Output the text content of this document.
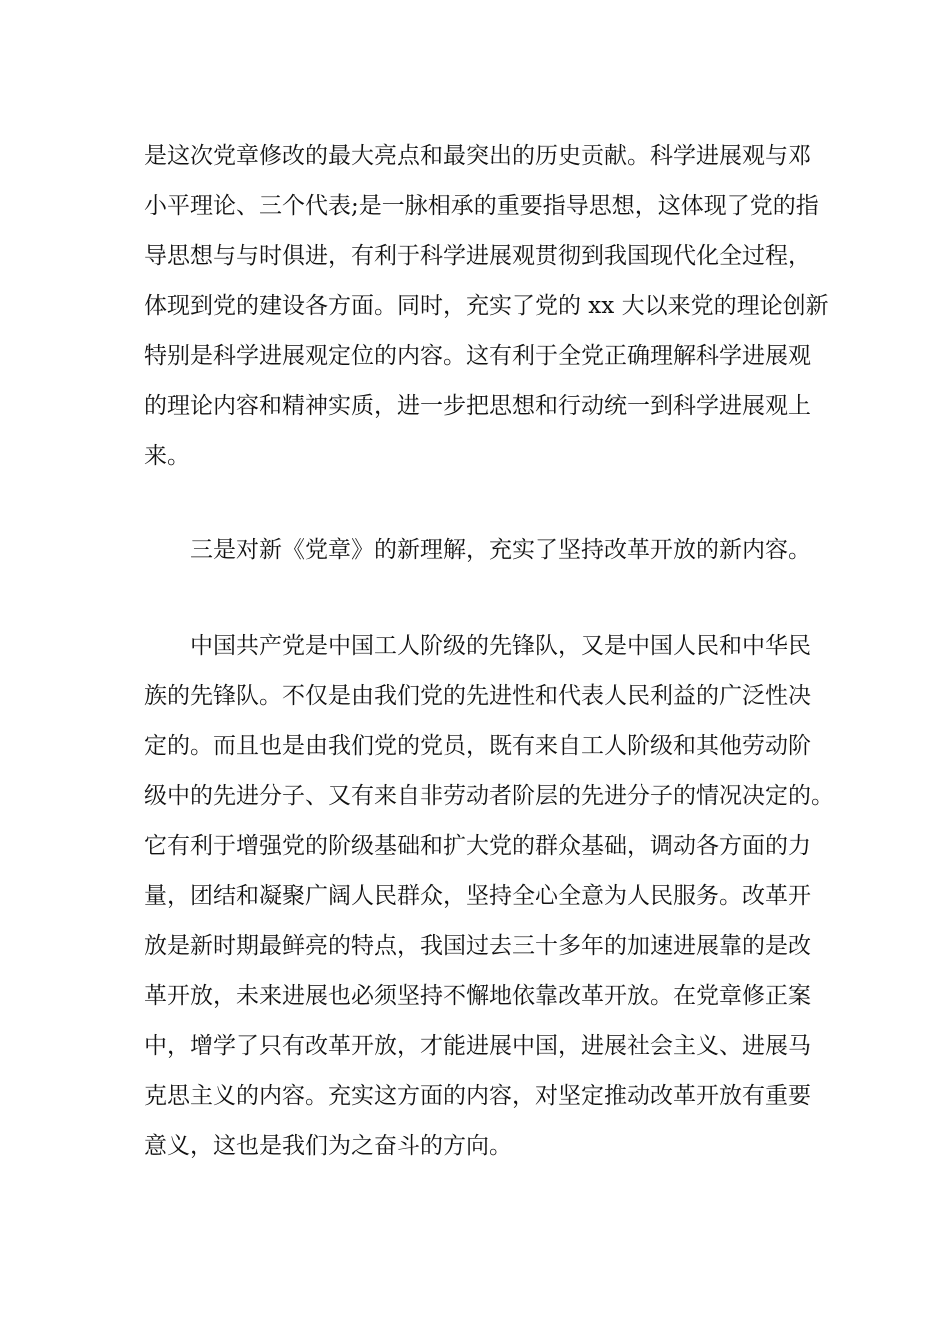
是这次党章修改的最大亮点和最突出的历史贡献。科学进展观与邓
小平理论、三个代表;是一脉相承的重要指导思想，这体现了党的指
导思想与与时俱进，有利于科学进展观贯彻到我国现代化全过程，
体现到党的建设各方面。同时，充实了党的 xx 大以来党的理论创新
特别是科学进展观定位的内容。这有利于全党正确理解科学进展观
的理论内容和精神实质，进一步把思想和行动统一到科学进展观上
来。
三是对新《党章》的新理解，充实了坚持改革开放的新内容。
中国共产党是中国工人阶级的先锋队，又是中国人民和中华民
族的先锋队。不仅是由我们党的先进性和代表人民利益的广泛性决
定的。而且也是由我们党的党员，既有来自工人阶级和其他劳动阶
级中的先进分子、又有来自非劳动者阶层的先进分子的情况决定的。
它有利于增强党的阶级基础和扩大党的群众基础，调动各方面的力
量，团结和凝聚广阔人民群众，坚持全心全意为人民服务。改革开
放是新时期最鲜亮的特点，我国过去三十多年的加速进展靠的是改
革开放，未来进展也必须坚持不懈地依靠改革开放。在党章修正案
中，增学了只有改革开放，才能进展中国，进展社会主义、进展马
克思主义的内容。充实这方面的内容，对坚定推动改革开放有重要
意义，这也是我们为之奋斗的方向。
